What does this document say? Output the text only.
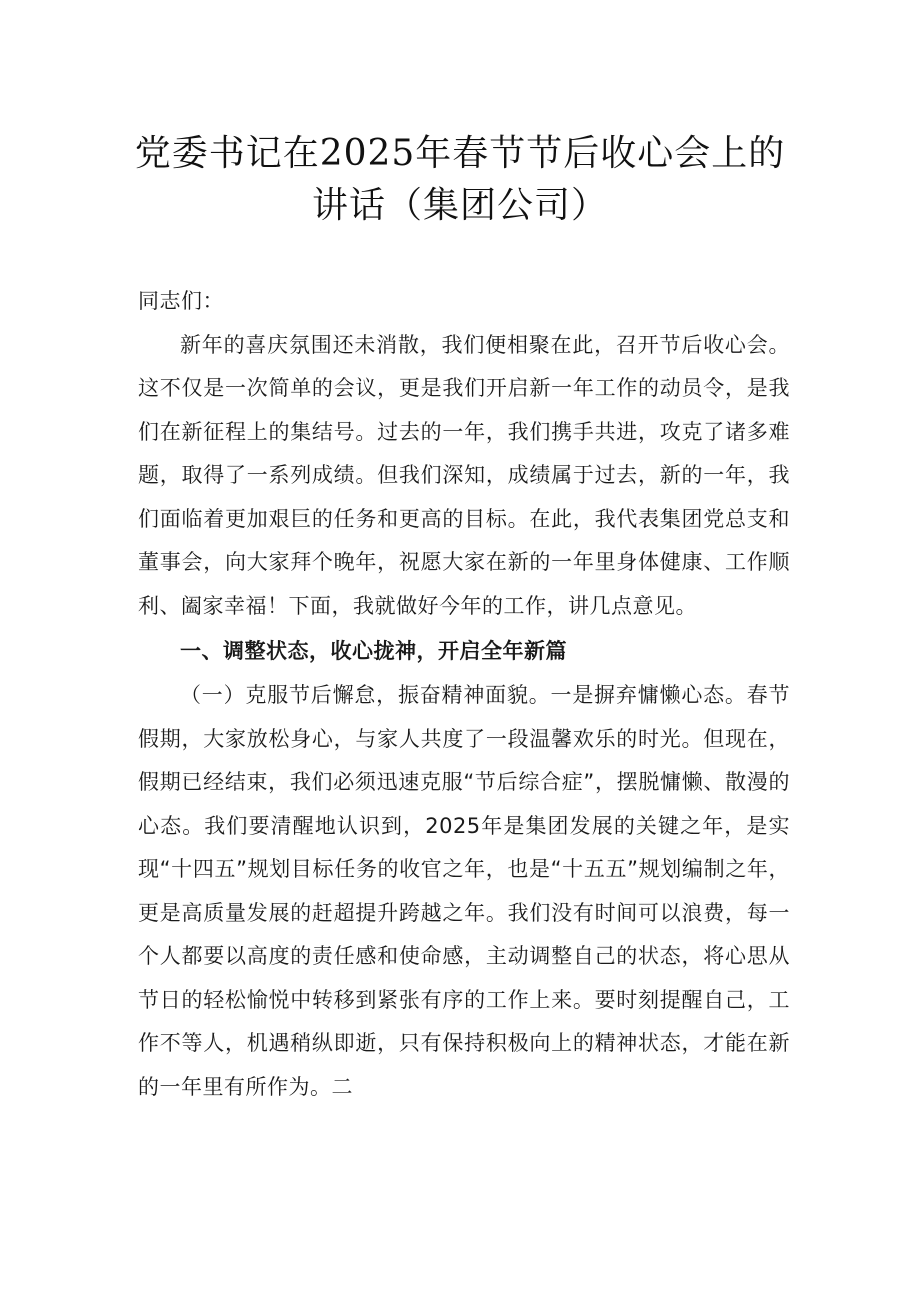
党委书记在2025年春节节后收心会上的讲话（集团公司）

同志们：

新年的喜庆氛围还未消散，我们便相聚在此，召开节后收心会。这不仅是一次简单的会议，更是我们开启新一年工作的动员令，是我们在新征程上的集结号。过去的一年，我们携手共进，攻克了诸多难题，取得了一系列成绩。但我们深知，成绩属于过去，新的一年，我们面临着更加艰巨的任务和更高的目标。在此，我代表集团党总支和董事会，向大家拜个晚年，祝愿大家在新的一年里身体健康、工作顺利、阖家幸福！下面，我就做好今年的工作，讲几点意见。

一、调整状态，收心拢神，开启全年新篇

（一）克服节后懈怠，振奋精神面貌。一是摒弃慵懒心态。春节假期，大家放松身心，与家人共度了一段温馨欢乐的时光。但现在，假期已经结束，我们必须迅速克服“节后综合症”，摆脱慵懒、散漫的心态。我们要清醒地认识到，2025年是集团发展的关键之年，是实现“十四五”规划目标任务的收官之年，也是“十五五”规划编制之年，更是高质量发展的赶超提升跨越之年。我们没有时间可以浪费，每一个人都要以高度的责任感和使命感，主动调整自己的状态，将心思从节日的轻松愉悦中转移到紧张有序的工作上来。要时刻提醒自己，工作不等人，机遇稍纵即逝，只有保持积极向上的精神状态，才能在新的一年里有所作为。二
